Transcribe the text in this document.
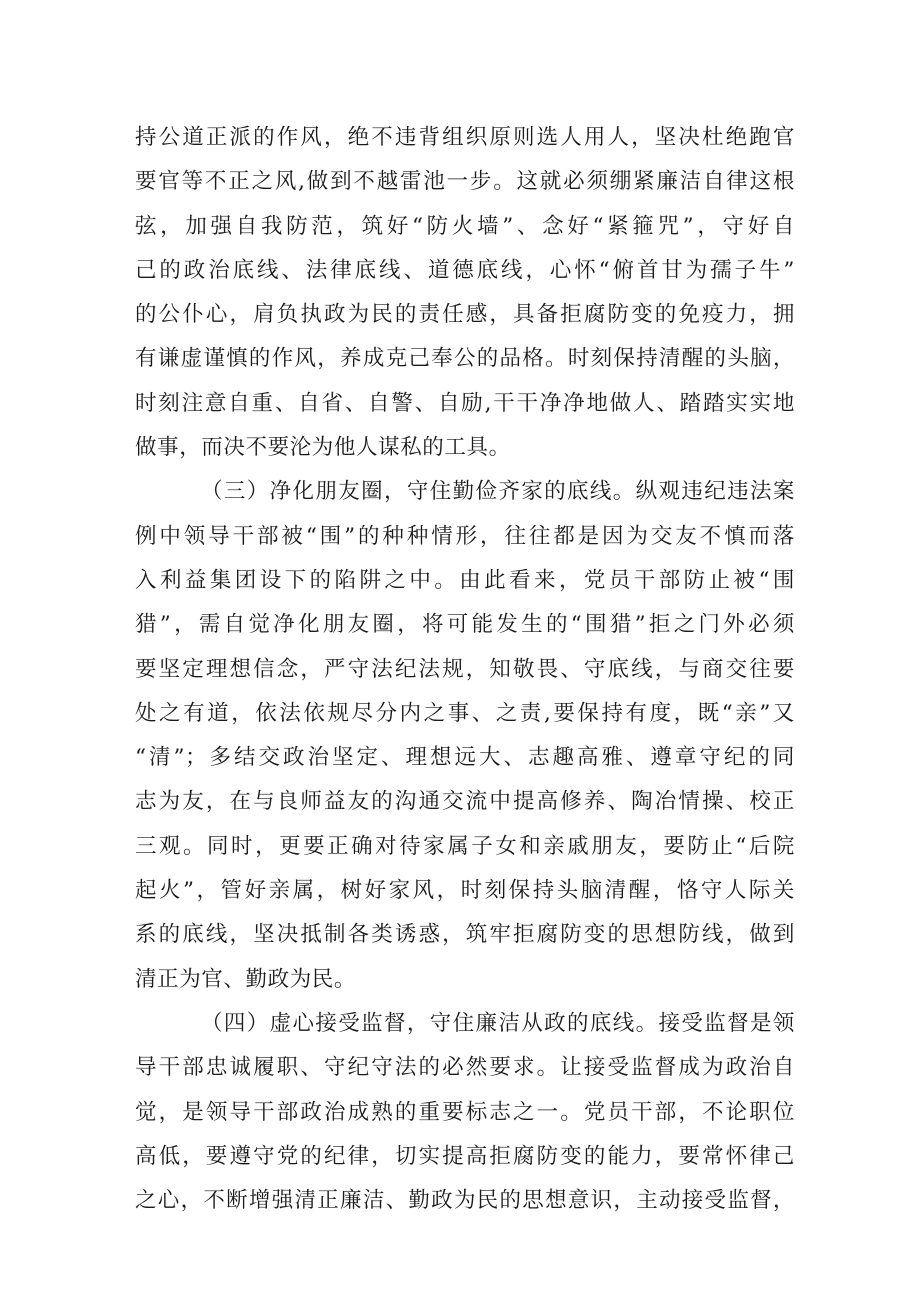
持公道正派的作风，绝不违背组织原则选人用人，坚决杜绝跑官
要官等不正之风,做到不越雷池一步。这就必须绷紧廉洁自律这根
弦，加强自我防范，筑好“防火墙”、念好“紧箍咒”，守好自
己的政治底线、法律底线、道德底线，心怀“俯首甘为孺子牛”
的公仆心，肩负执政为民的责任感，具备拒腐防变的免疫力，拥
有谦虚谨慎的作风，养成克己奉公的品格。时刻保持清醒的头脑，
时刻注意自重、自省、自警、自励,干干净净地做人、踏踏实实地
做事，而决不要沦为他人谋私的工具。
（三）净化朋友圈，守住勤俭齐家的底线。纵观违纪违法案
例中领导干部被“围”的种种情形，往往都是因为交友不慎而落
入利益集团设下的陷阱之中。由此看来，党员干部防止被“围
猎”，需自觉净化朋友圈，将可能发生的“围猎”拒之门外必须
要坚定理想信念，严守法纪法规，知敬畏、守底线，与商交往要
处之有道，依法依规尽分内之事、之责,要保持有度，既“亲”又
“清”；多结交政治坚定、理想远大、志趣高雅、遵章守纪的同
志为友，在与良师益友的沟通交流中提高修养、陶冶情操、校正
三观。同时，更要正确对待家属子女和亲戚朋友，要防止“后院
起火”，管好亲属，树好家风，时刻保持头脑清醒，恪守人际关
系的底线，坚决抵制各类诱惑，筑牢拒腐防变的思想防线，做到
清正为官、勤政为民。
（四）虚心接受监督，守住廉洁从政的底线。接受监督是领
导干部忠诚履职、守纪守法的必然要求。让接受监督成为政治自
觉，是领导干部政治成熟的重要标志之一。党员干部，不论职位
高低，要遵守党的纪律，切实提高拒腐防变的能力，要常怀律己
之心，不断增强清正廉洁、勤政为民的思想意识，主动接受监督，
